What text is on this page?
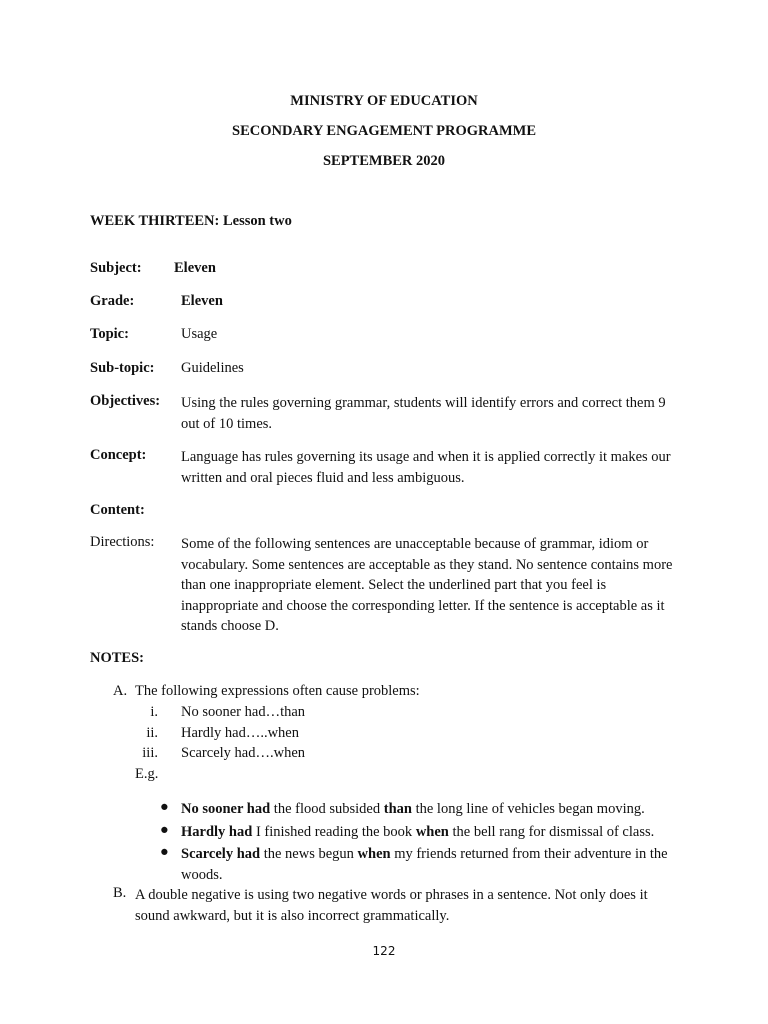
MINISTRY OF EDUCATION
SECONDARY ENGAGEMENT PROGRAMME
SEPTEMBER 2020
WEEK THIRTEEN: Lesson two
Subject: Eleven
Grade:	Eleven
Topic:	Usage
Sub-topic: Guidelines
Objectives: Using the rules governing grammar, students will identify errors and correct them 9 out of 10 times.
Concept: Language has rules governing its usage and when it is applied correctly it makes our written and oral pieces fluid and less ambiguous.
Content:
Directions: Some of the following sentences are unacceptable because of grammar, idiom or vocabulary. Some sentences are acceptable as they stand. No sentence contains more than one inappropriate element. Select the underlined part that you feel is inappropriate and choose the corresponding letter. If the sentence is acceptable as it stands choose D.
NOTES:
A. The following expressions often cause problems:
i. No sooner had…than
ii. Hardly had…..when
iii. Scarcely had….when
E.g.
● No sooner had the flood subsided than the long line of vehicles began moving.
● Hardly had I finished reading the book when the bell rang for dismissal of class.
● Scarcely had the news begun when my friends returned from their adventure in the woods.
B. A double negative is using two negative words or phrases in a sentence. Not only does it sound awkward, but it is also incorrect grammatically.
122
